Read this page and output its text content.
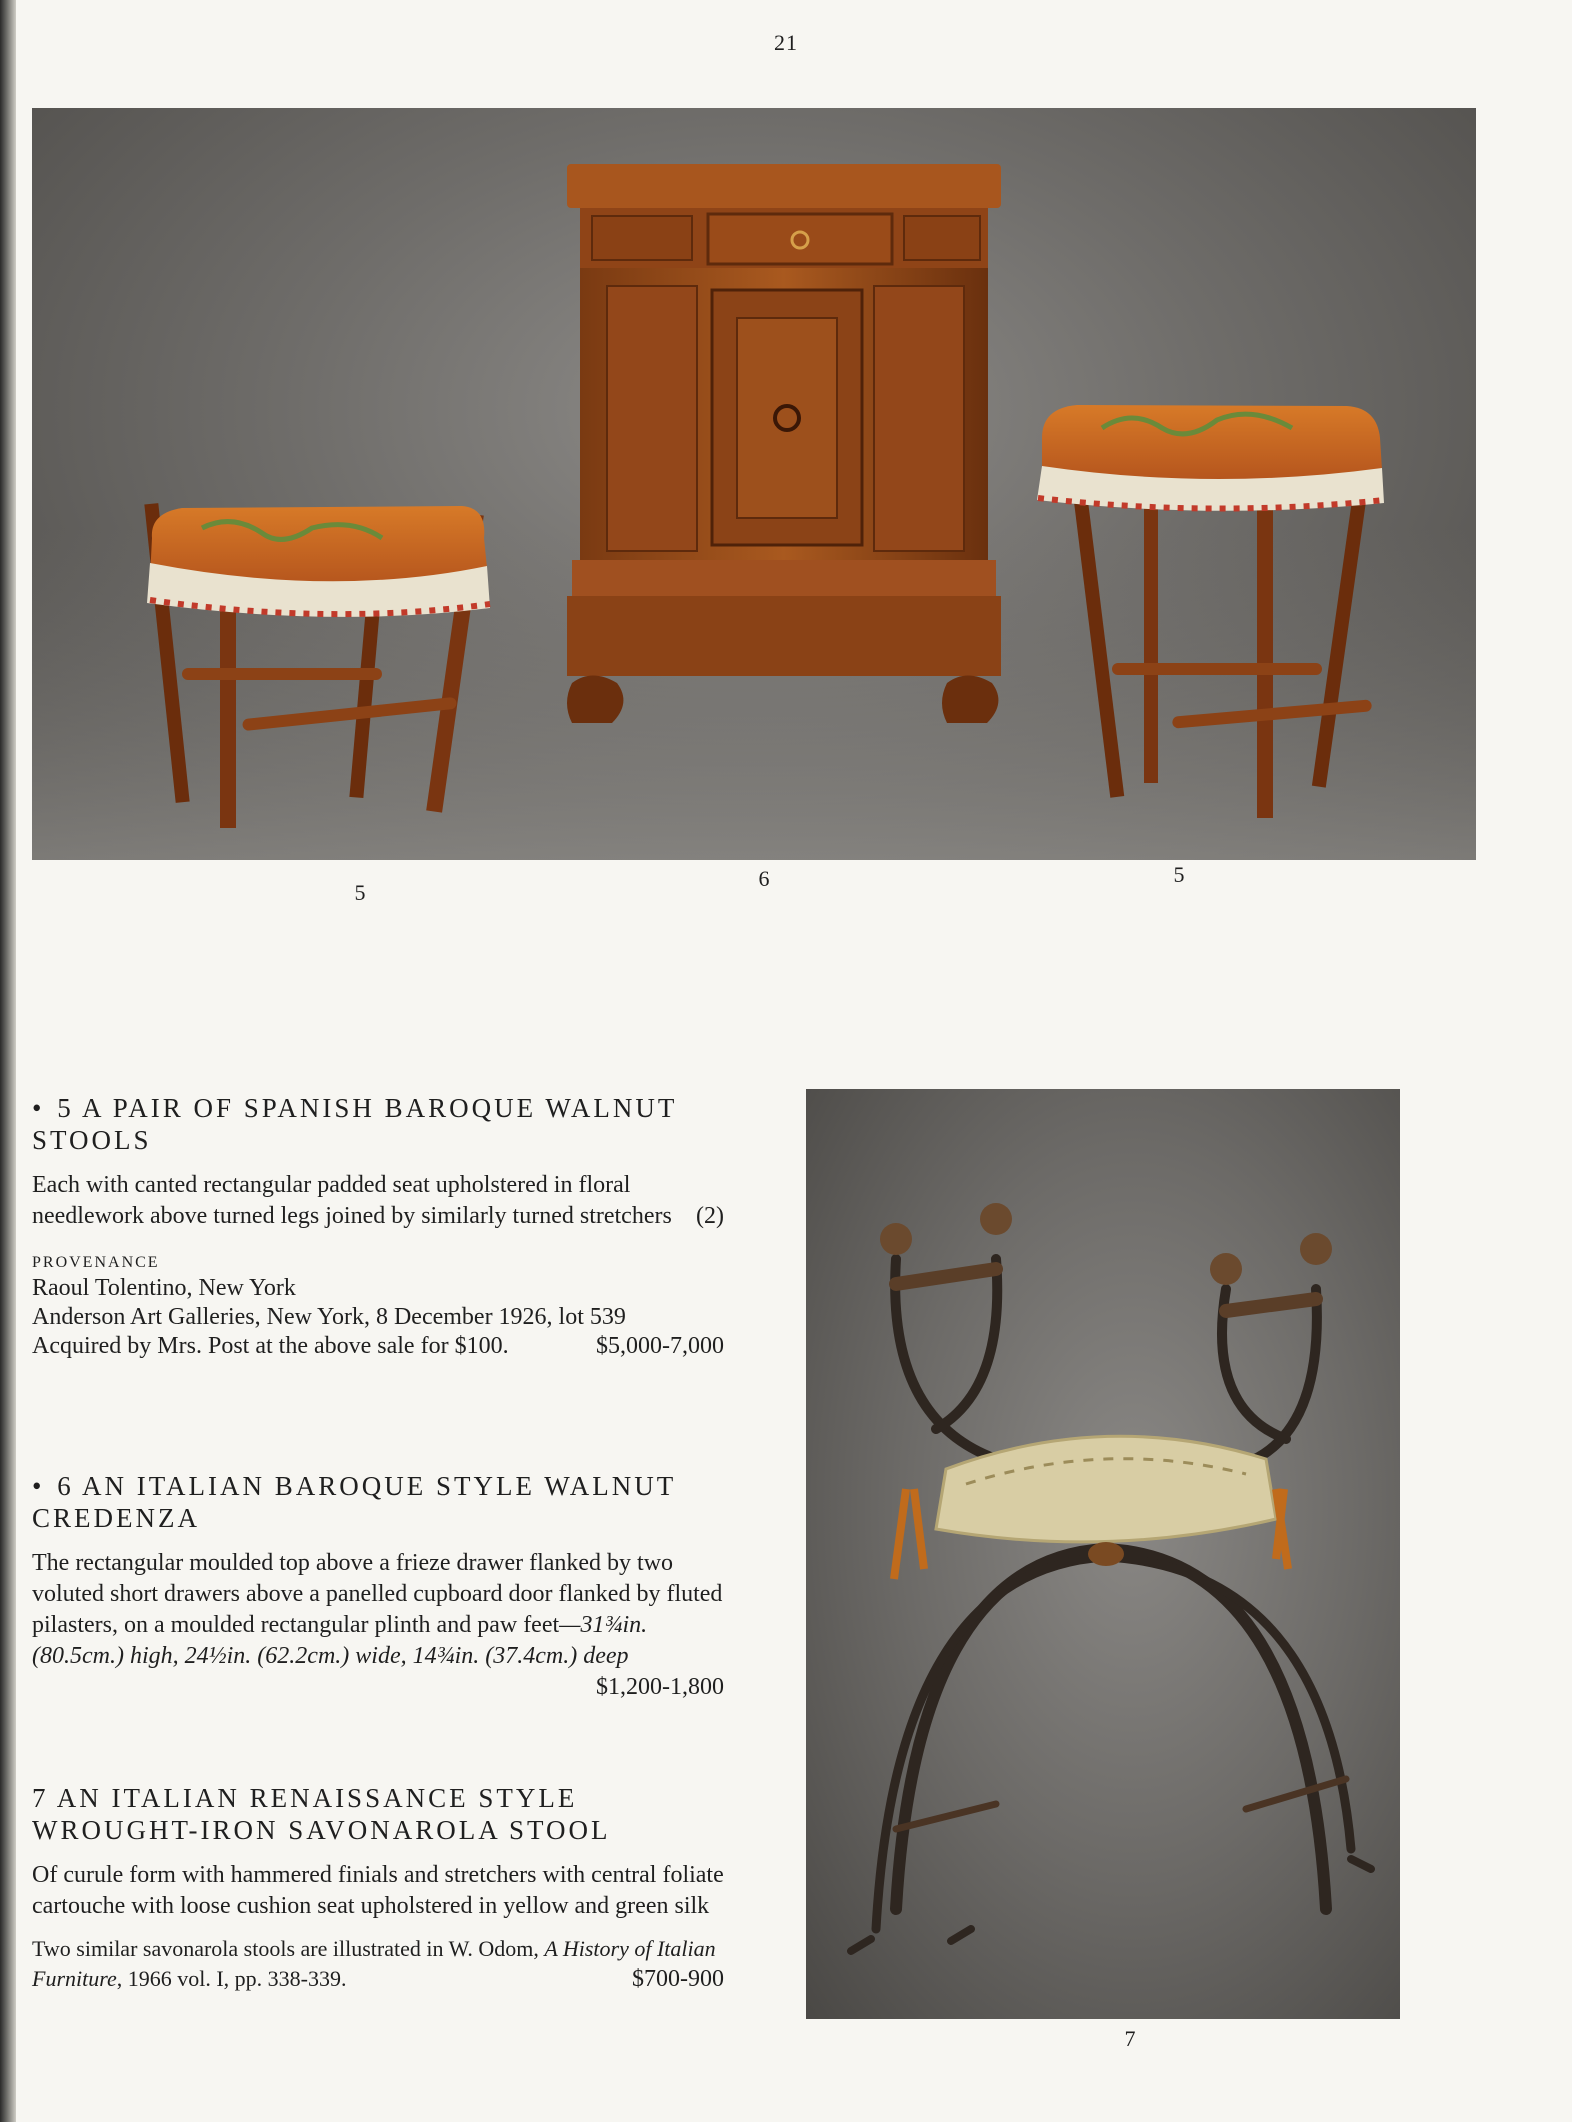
21
5
6	5

• 5 A PAIR OF SPANISH BAROQUE WALNUT STOOLS

Each with canted rectangular padded seat upholstered in floral needlework above turned legs joined by similarly turned stretchers (2)

PROVENANCE

Raoul Tolentino, New York

Anderson Art Galleries, New York, 8 December 1926, lot 539

Acquired by Mrs. Post at the above sale for $100.	$5,000-7,000

• 6 AN ITALIAN BAROQUE STYLE WALNUT CREDENZA

The rectangular moulded top above a frieze drawer flanked by two voluted short drawers above a panelled cupboard door flanked by fluted pilasters, on a moulded rectangular plinth and paw feet—31¾in. (80.5cm.) high, 24½in. (62.2cm.) wide, 14¾in. (37.4cm.) deep
$1,200-1,800

7 AN ITALIAN RENAISSANCE STYLE WROUGHT-IRON SAVONAROLA STOOL

Of curule form with hammered finials and stretchers with central foliate cartouche with loose cushion seat upholstered in yellow and green silk

Two similar savonarola stools are illustrated in W. Odom, A History of Italian Furniture, 1966 vol. I, pp. 338-339.	$700-900

7
